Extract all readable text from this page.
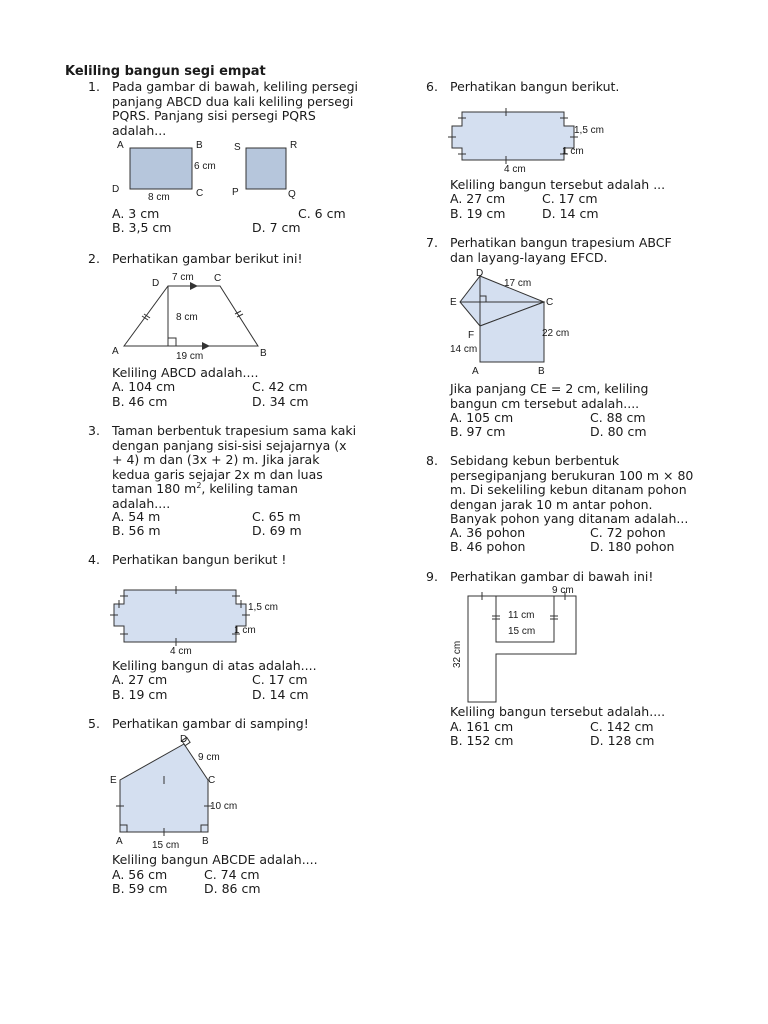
Keliling bangun segi empat
1. Pada gambar di bawah, keliling persegi
panjang ABCD dua kali keliling persegi
PQRS. Panjang sisi persegi PQRS
adalah...
A	B
C
D
6 cm
8 cm
S	R
P	Q
A. 3 cm	C. 6 cm
B. 3,5 cm	D. 7 cm
2. Perhatikan gambar berikut ini!
D	C
A	B
7 cm
8 cm
19 cm
Keliling ABCD adalah....
A. 104 cm	C. 42 cm
B. 46 cm	D. 34 cm
3. Taman berbentuk trapesium sama kaki
dengan panjang sisi-sisi sejajarnya (x
+ 4) m dan (3x + 2) m. Jika jarak
kedua garis sejajar 2x m dan luas
taman 180 $m^2$, keliling taman
adalah....
A. 54 m	C. 65 m
B. 56 m	D. 69 m
4. Perhatikan bangun berikut !
1,5 cm
1 cm
4 cm
Keliling bangun di atas adalah....
A. 27 cm	C. 17 cm
B. 19 cm	D. 14 cm
5. Perhatikan gambar di samping!
D
E	C
A	B
9 cm
10 cm
15 cm
Keliling bangun ABCDE adalah....
A. 56 cm	C. 74 cm
B. 59 cm	D. 86 cm
6. Perhatikan bangun berikut.
1,5 cm
1 cm
4 cm
Keliling bangun tersebut adalah ...
A. 27 cm	C. 17 cm
B. 19 cm	D. 14 cm
7. Perhatikan bangun trapesium ABCF
dan layang-layang EFCD.
D
E	C
F
A	B
17 cm
22 cm
14 cm
Jika panjang CE = 2 cm, keliling
bangun cm tersebut adalah....
A. 105 cm	C. 88 cm
B. 97 cm	D. 80 cm
8. Sebidang kebun berbentuk
persegipanjang berukuran 100 m × 80
m. Di sekeliling kebun ditanam pohon
dengan jarak 10 m antar pohon.
Banyak pohon yang ditanam adalah...
A. 36 pohon	C. 72 pohon
B. 46 pohon	D. 180 pohon
9. Perhatikan gambar di bawah ini!
9 cm
11 cm
15 cm
32 cm
Keliling bangun tersebut adalah....
A. 161 cm	C. 142 cm
B. 152 cm	D. 128 cm
